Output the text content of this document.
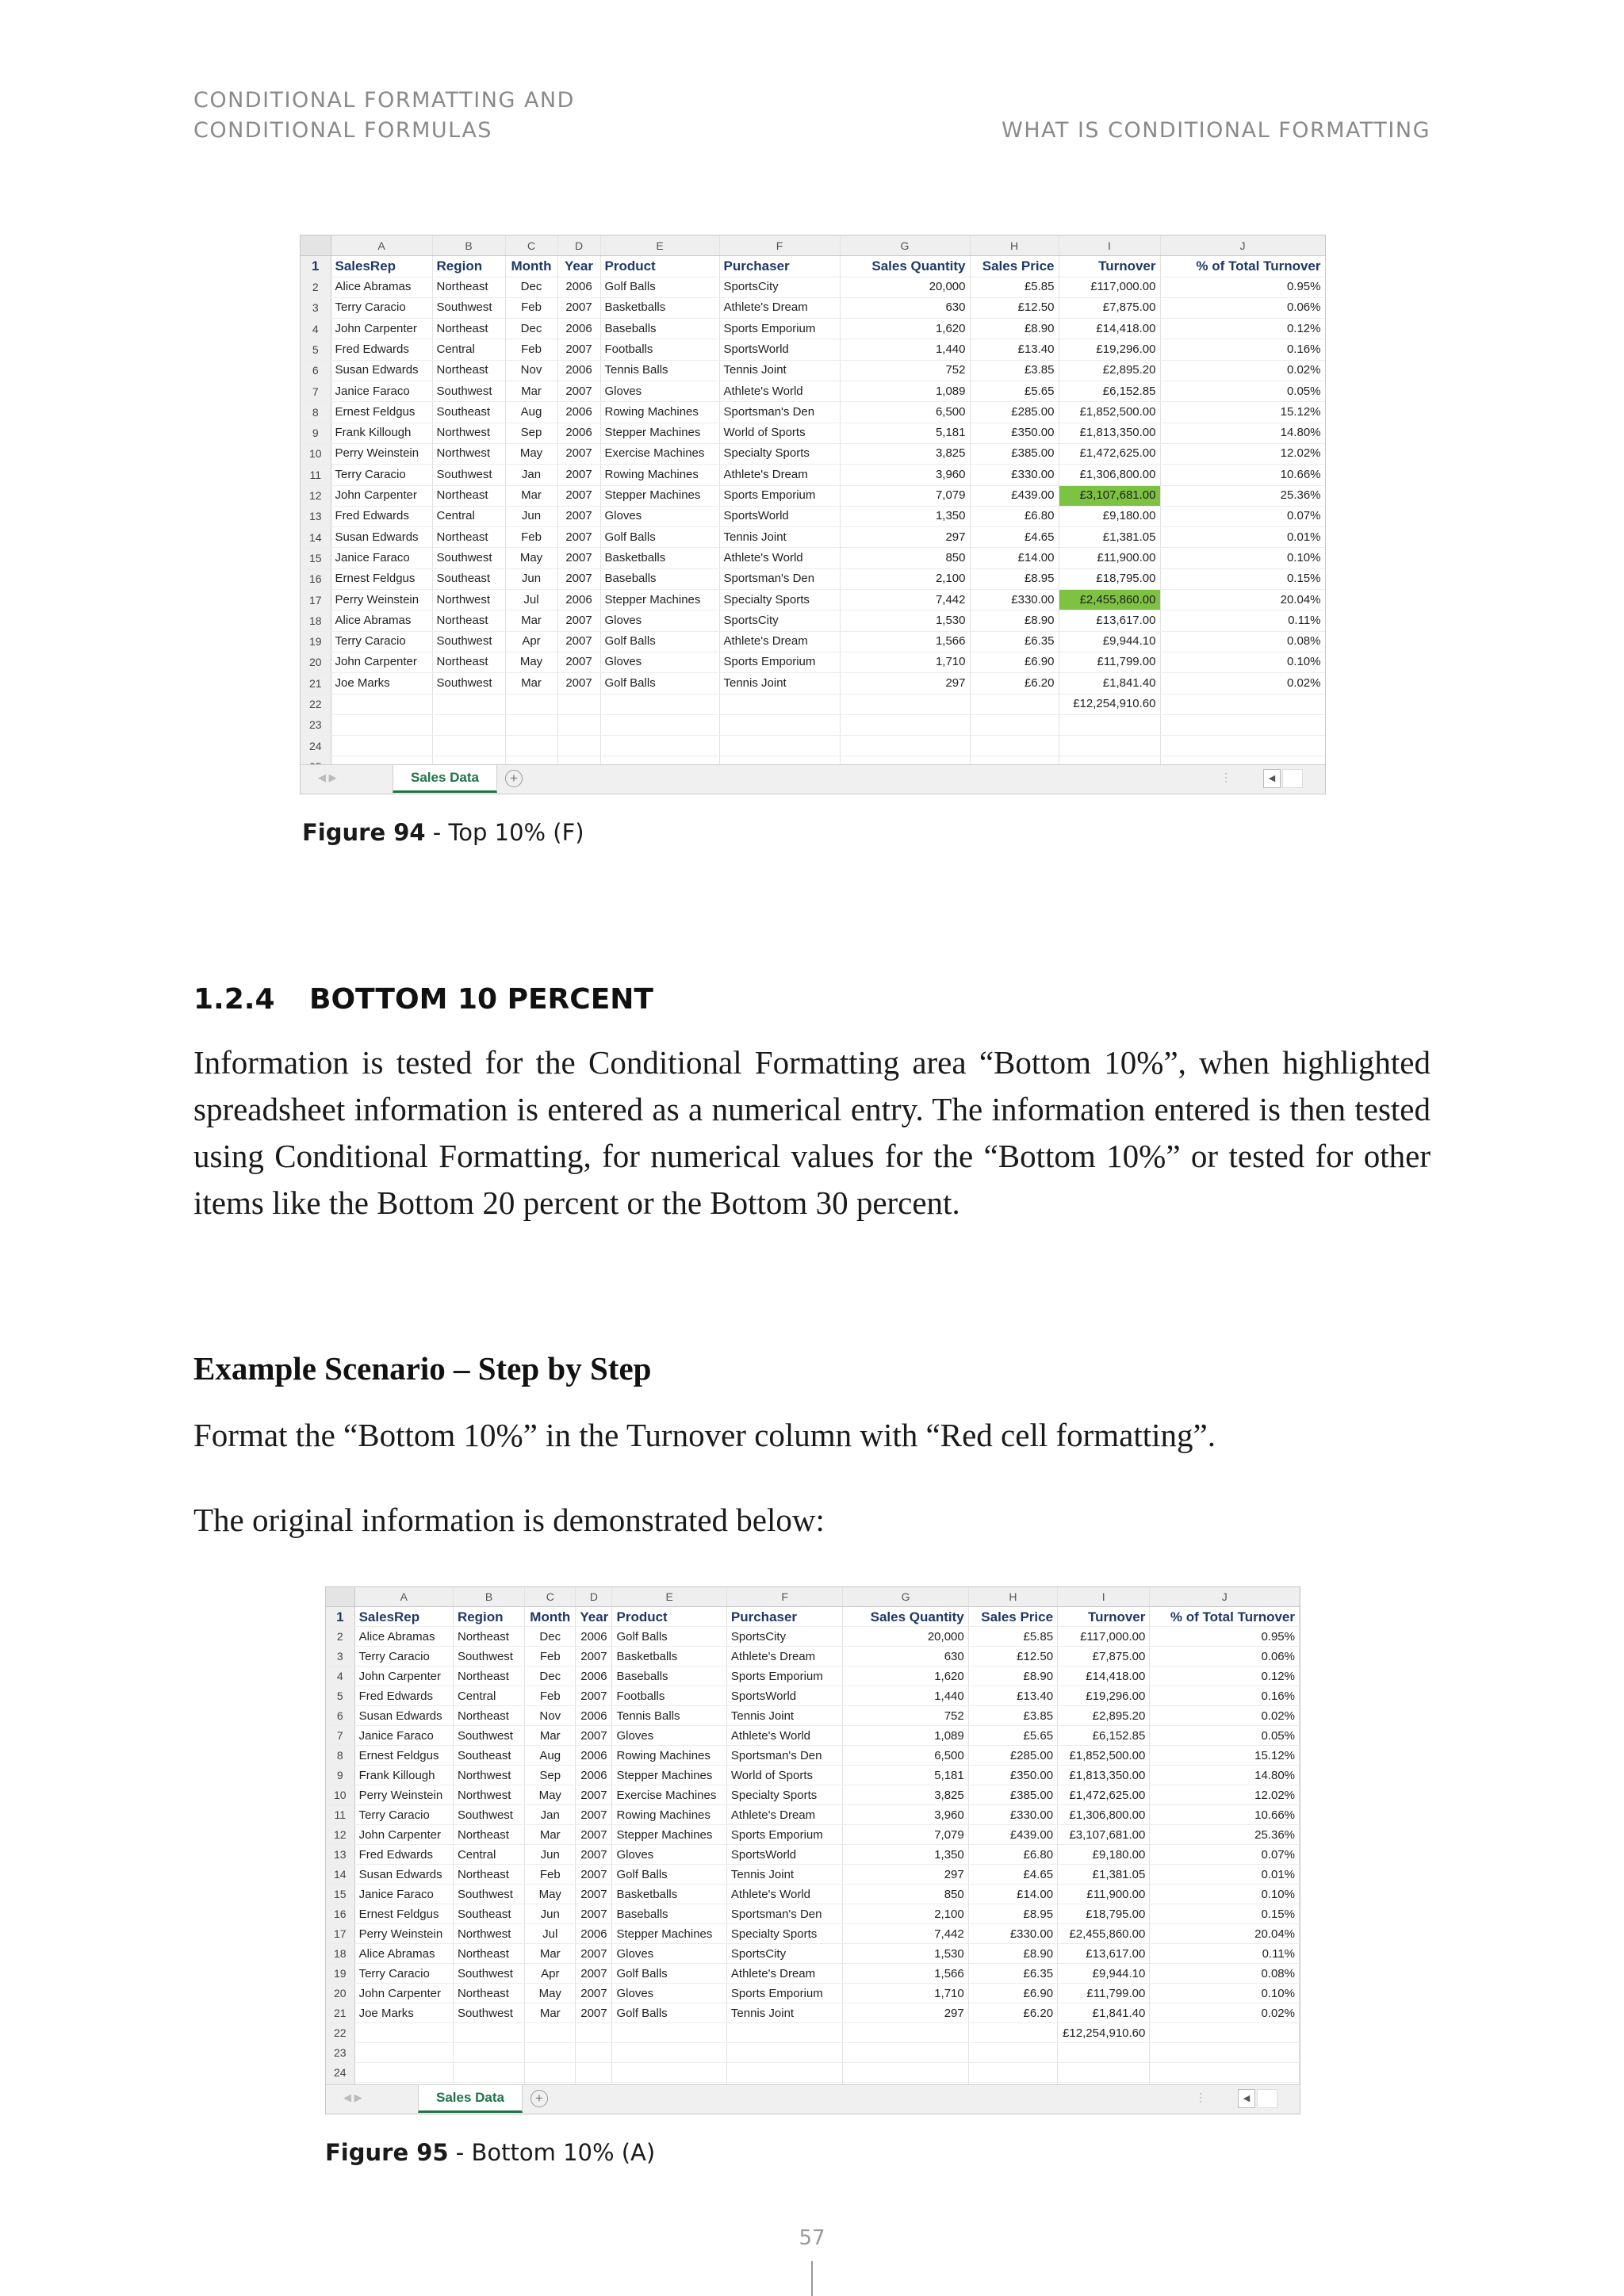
CONDITIONAL FORMATTING AND
CONDITIONAL FORMULAS	WHAT IS CONDITIONAL FORMATTING
	A	B	C	D	E	F	G	H	I	J
1	SalesRep	Region	Month	Year	Product	Purchaser	Sales Quantity	Sales Price	Turnover	% of Total Turnover
2	Alice Abramas	Northeast	Dec	2006	Golf Balls	SportsCity	20,000	£5.85	£117,000.00	0.95%
3	Terry Caracio	Southwest	Feb	2007	Basketballs	Athlete's Dream	630	£12.50	£7,875.00	0.06%
4	John Carpenter	Northeast	Dec	2006	Baseballs	Sports Emporium	1,620	£8.90	£14,418.00	0.12%
5	Fred Edwards	Central	Feb	2007	Footballs	SportsWorld	1,440	£13.40	£19,296.00	0.16%
6	Susan Edwards	Northeast	Nov	2006	Tennis Balls	Tennis Joint	752	£3.85	£2,895.20	0.02%
7	Janice Faraco	Southwest	Mar	2007	Gloves	Athlete's World	1,089	£5.65	£6,152.85	0.05%
8	Ernest Feldgus	Southeast	Aug	2006	Rowing Machines	Sportsman's Den	6,500	£285.00	£1,852,500.00	15.12%
9	Frank Killough	Northwest	Sep	2006	Stepper Machines	World of Sports	5,181	£350.00	£1,813,350.00	14.80%
10	Perry Weinstein	Northwest	May	2007	Exercise Machines	Specialty Sports	3,825	£385.00	£1,472,625.00	12.02%
11	Terry Caracio	Southwest	Jan	2007	Rowing Machines	Athlete's Dream	3,960	£330.00	£1,306,800.00	10.66%
12	John Carpenter	Northeast	Mar	2007	Stepper Machines	Sports Emporium	7,079	£439.00	£3,107,681.00	25.36%
13	Fred Edwards	Central	Jun	2007	Gloves	SportsWorld	1,350	£6.80	£9,180.00	0.07%
14	Susan Edwards	Northeast	Feb	2007	Golf Balls	Tennis Joint	297	£4.65	£1,381.05	0.01%
15	Janice Faraco	Southwest	May	2007	Basketballs	Athlete's World	850	£14.00	£11,900.00	0.10%
16	Ernest Feldgus	Southeast	Jun	2007	Baseballs	Sportsman's Den	2,100	£8.95	£18,795.00	0.15%
17	Perry Weinstein	Northwest	Jul	2006	Stepper Machines	Specialty Sports	7,442	£330.00	£2,455,860.00	20.04%
18	Alice Abramas	Northeast	Mar	2007	Gloves	SportsCity	1,530	£8.90	£13,617.00	0.11%
19	Terry Caracio	Southwest	Apr	2007	Golf Balls	Athlete's Dream	1,566	£6.35	£9,944.10	0.08%
20	John Carpenter	Northeast	May	2007	Gloves	Sports Emporium	1,710	£6.90	£11,799.00	0.10%
21	Joe Marks	Southwest	Mar	2007	Golf Balls	Tennis Joint	297	£6.20	£1,841.40	0.02%
22									£12,254,910.60	
23										
24										

◀ ▶	Sales Data	+	⋮	◀
Figure 94 - Top 10% (F)
1.2.4 BOTTOM 10 PERCENT

Information is tested for the Conditional Formatting area “Bottom 10%”, when highlighted spreadsheet information is entered as a numerical entry. The information entered is then tested using Conditional Formatting, for numerical values for the “Bottom 10%” or tested for other items like the Bottom 20 percent or the Bottom 30 percent.

Example Scenario – Step by Step

Format the “Bottom 10%” in the Turnover column with “Red cell formatting”.

The original information is demonstrated below:

	A	B	C	D	E	F	G	H	I	J
1	SalesRep	Region	Month	Year	Product	Purchaser	Sales Quantity	Sales Price	Turnover	% of Total Turnover
2	Alice Abramas	Northeast	Dec	2006	Golf Balls	SportsCity	20,000	£5.85	£117,000.00	0.95%
3	Terry Caracio	Southwest	Feb	2007	Basketballs	Athlete's Dream	630	£12.50	£7,875.00	0.06%
4	John Carpenter	Northeast	Dec	2006	Baseballs	Sports Emporium	1,620	£8.90	£14,418.00	0.12%
5	Fred Edwards	Central	Feb	2007	Footballs	SportsWorld	1,440	£13.40	£19,296.00	0.16%
6	Susan Edwards	Northeast	Nov	2006	Tennis Balls	Tennis Joint	752	£3.85	£2,895.20	0.02%
7	Janice Faraco	Southwest	Mar	2007	Gloves	Athlete's World	1,089	£5.65	£6,152.85	0.05%
8	Ernest Feldgus	Southeast	Aug	2006	Rowing Machines	Sportsman's Den	6,500	£285.00	£1,852,500.00	15.12%
9	Frank Killough	Northwest	Sep	2006	Stepper Machines	World of Sports	5,181	£350.00	£1,813,350.00	14.80%
10	Perry Weinstein	Northwest	May	2007	Exercise Machines	Specialty Sports	3,825	£385.00	£1,472,625.00	12.02%
11	Terry Caracio	Southwest	Jan	2007	Rowing Machines	Athlete's Dream	3,960	£330.00	£1,306,800.00	10.66%
12	John Carpenter	Northeast	Mar	2007	Stepper Machines	Sports Emporium	7,079	£439.00	£3,107,681.00	25.36%
13	Fred Edwards	Central	Jun	2007	Gloves	SportsWorld	1,350	£6.80	£9,180.00	0.07%
14	Susan Edwards	Northeast	Feb	2007	Golf Balls	Tennis Joint	297	£4.65	£1,381.05	0.01%
15	Janice Faraco	Southwest	May	2007	Basketballs	Athlete's World	850	£14.00	£11,900.00	0.10%
16	Ernest Feldgus	Southeast	Jun	2007	Baseballs	Sportsman's Den	2,100	£8.95	£18,795.00	0.15%
17	Perry Weinstein	Northwest	Jul	2006	Stepper Machines	Specialty Sports	7,442	£330.00	£2,455,860.00	20.04%
18	Alice Abramas	Northeast	Mar	2007	Gloves	SportsCity	1,530	£8.90	£13,617.00	0.11%
19	Terry Caracio	Southwest	Apr	2007	Golf Balls	Athlete's Dream	1,566	£6.35	£9,944.10	0.08%
20	John Carpenter	Northeast	May	2007	Gloves	Sports Emporium	1,710	£6.90	£11,799.00	0.10%
21	Joe Marks	Southwest	Mar	2007	Golf Balls	Tennis Joint	297	£6.20	£1,841.40	0.02%
22									£12,254,910.60	
23										
24										

◀ ▶	Sales Data	+	⋮	◀
Figure 95 - Bottom 10% (A)
57
